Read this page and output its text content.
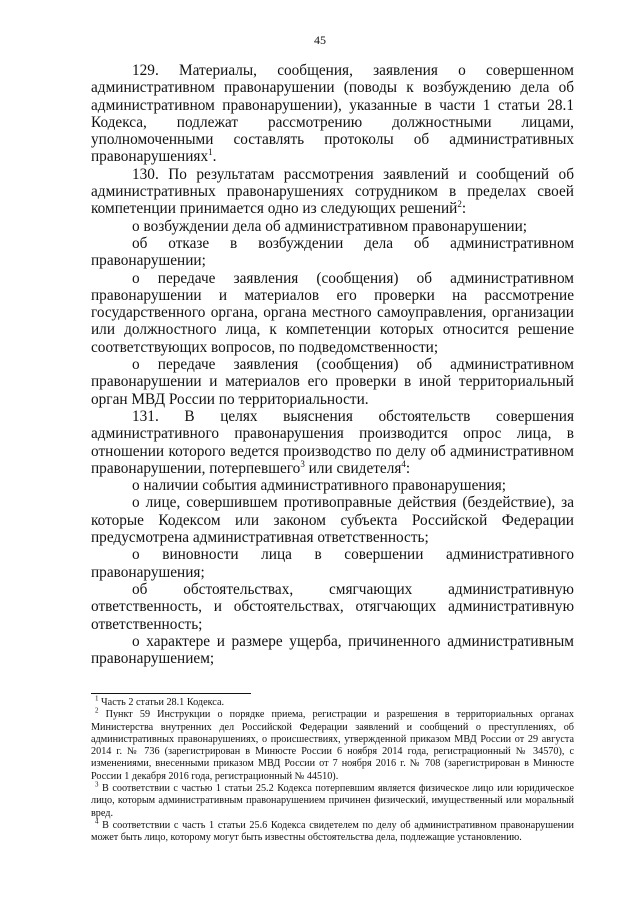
45

129. Материалы, сообщения, заявления о совершенном административном правонарушении (поводы к возбуждению дела об административном правонарушении), указанные в части 1 статьи 28.1 Кодекса, подлежат рассмотрению должностными лицами, уполномоченными составлять протоколы об административных правонарушениях$^1$.

130. По результатам рассмотрения заявлений и сообщений об административных правонарушениях сотрудником в пределах своей компетенции принимается одно из следующих решений$^2$:

о возбуждении дела об административном правонарушении;

об отказе в возбуждении дела об административном правонарушении;

о передаче заявления (сообщения) об административном правонарушении и материалов его проверки на рассмотрение государственного органа, органа местного самоуправления, организации или должностного лица, к компетенции которых относится решение соответствующих вопросов, по подведомственности;

о передаче заявления (сообщения) об административном правонарушении и материалов его проверки в иной территориальный орган МВД России по территориальности.

131. В целях выяснения обстоятельств совершения административного правонарушения производится опрос лица, в отношении которого ведется производство по делу об административном правонарушении, потерпевшего$^3$ или свидетеля$^4$:

о наличии события административного правонарушения;

о лице, совершившем противоправные действия (бездействие), за которые Кодексом или законом субъекта Российской Федерации предусмотрена административная ответственность;

о виновности лица в совершении административного правонарушения;

об обстоятельствах, смягчающих административную ответственность, и обстоятельствах, отягчающих административную ответственность;

о характере и размере ущерба, причиненного административным правонарушением;

$^1$ Часть 2 статьи 28.1 Кодекса.

$^2$ Пункт 59 Инструкции о порядке приема, регистрации и разрешения в территориальных органах Министерства внутренних дел Российской Федерации заявлений и сообщений о преступлениях, об административных правонарушениях, о происшествиях, утвержденной приказом МВД России от 29 августа 2014 г. № 736 (зарегистрирован в Минюсте России 6 ноября 2014 года, регистрационный № 34570), с изменениями, внесенными приказом МВД России от 7 ноября 2016 г. № 708 (зарегистрирован в Минюсте России 1 декабря 2016 года, регистрационный № 44510).

$^3$ В соответствии с частью 1 статьи 25.2 Кодекса потерпевшим является физическое лицо или юридическое лицо, которым административным правонарушением причинен физический, имущественный или моральный вред.

$^4$ В соответствии с часть 1 статьи 25.6 Кодекса свидетелем по делу об административном правонарушении может быть лицо, которому могут быть известны обстоятельства дела, подлежащие установлению.
